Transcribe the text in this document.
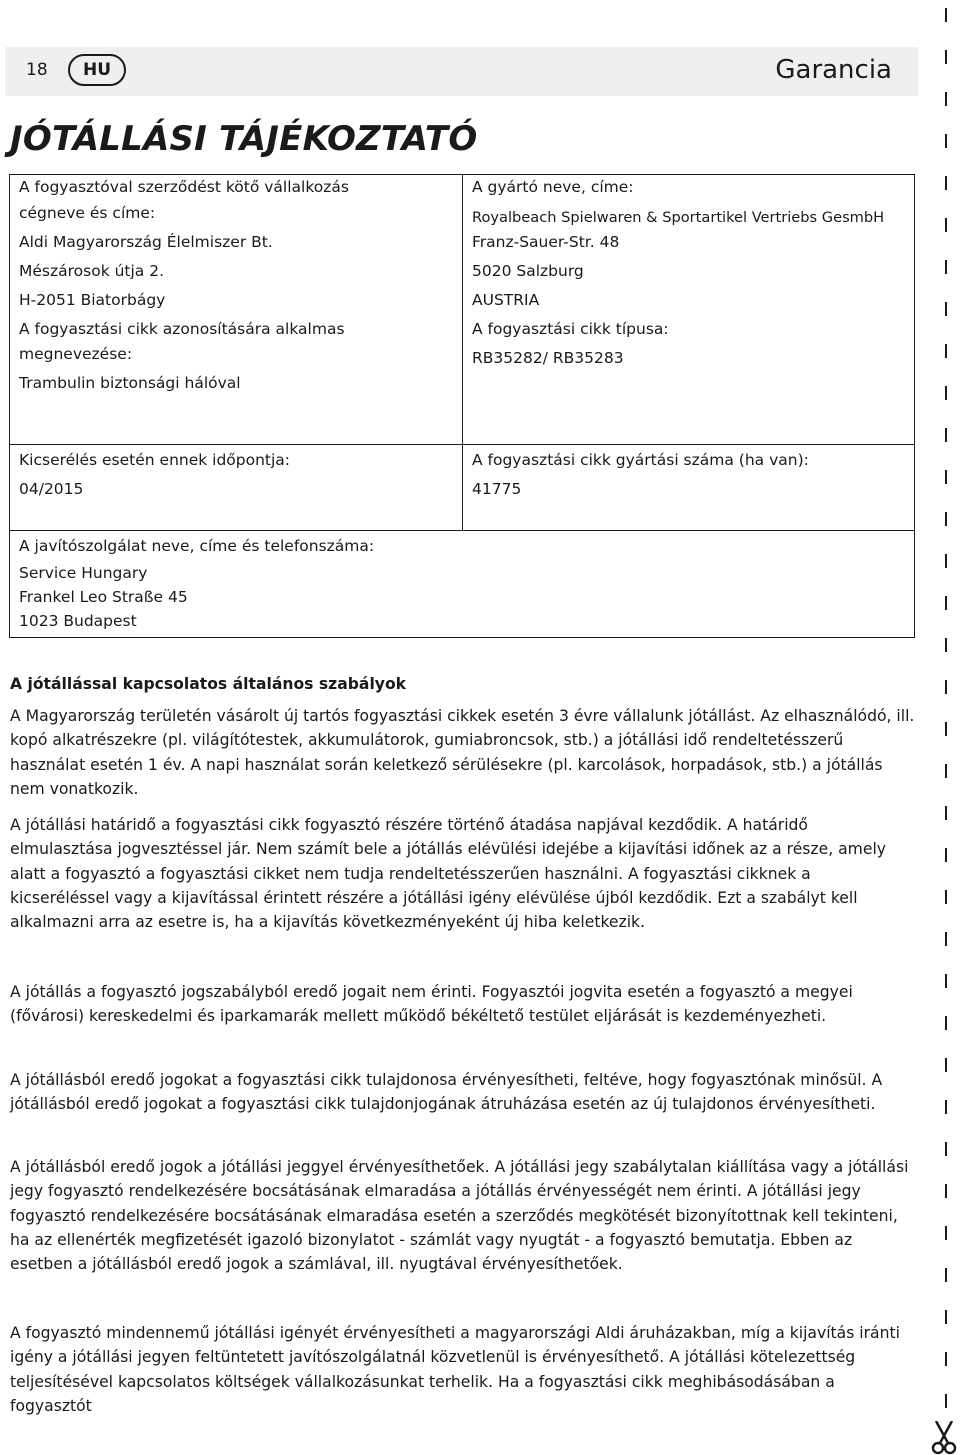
18	HU	Garancia
JÓTÁLLÁSI TÁJÉKOZTATÓ
A fogyasztóval szerződést kötő vállalkozás
cégneve és címe:
Aldi Magyarország Élelmiszer Bt.
Mészárosok útja 2.
H-2051 Biatorbágy
A fogyasztási cikk azonosítására alkalmas
megnevezése:
Trambulin biztonsági hálóval
A gyártó neve, címe:
Royalbeach Spielwaren & Sportartikel Vertriebs GesmbH
Franz-Sauer-Str. 48
5020 Salzburg
AUSTRIA
A fogyasztási cikk típusa:
RB35282/ RB35283
Kicserélés esetén ennek időpontja:
04/2015
A fogyasztási cikk gyártási száma (ha van):
41775
A javítószolgálat neve, címe és telefonszáma:
Service Hungary
Frankel Leo Straße 45
1023 Budapest
A jótállással kapcsolatos általános szabályok

A Magyarország területén vásárolt új tartós fogyasztási cikkek esetén 3 évre vállalunk jótállást. Az elhasználódó, ill. kopó alkatrészekre (pl. világítótestek, akkumulátorok, gumiabroncsok, stb.) a jótállási idő rendeltetésszerű használat esetén 1 év. A napi használat során keletkező sérülésekre (pl. karcolások, horpadások, stb.) a jótállás nem vonatkozik.

A jótállási határidő a fogyasztási cikk fogyasztó részére történő átadása napjával kezdődik. A határidő elmulasztása jogvesztéssel jár. Nem számít bele a jótállás elévülési idejébe a kijavítási időnek az a része, amely alatt a fogyasztó a fogyasztási cikket nem tudja rendeltetésszerűen használni. A fogyasztási cikknek a kicseréléssel vagy a kijavítással érintett részére a jótállási igény elévülése újból kezdődik. Ezt a szabályt kell alkalmazni arra az esetre is, ha a kijavítás következményeként új hiba keletkezik.

A jótállás a fogyasztó jogszabályból eredő jogait nem érinti. Fogyasztói jogvita esetén a fogyasztó a megyei (fővárosi) kereskedelmi és iparkamarák mellett működő békéltető testület eljárását is kezdeményezheti.

A jótállásból eredő jogokat a fogyasztási cikk tulajdonosa érvényesítheti, feltéve, hogy fogyasztónak minősül. A jótállásból eredő jogokat a fogyasztási cikk tulajdonjogának átruházása esetén az új tulajdonos érvényesítheti.

A jótállásból eredő jogok a jótállási jeggyel érvényesíthetőek. A jótállási jegy szabálytalan kiállítása vagy a jótállási jegy fogyasztó rendelkezésére bocsátásának elmaradása a jótállás érvényességét nem érinti. A jótállási jegy fogyasztó rendelkezésére bocsátásának elmaradása esetén a szerződés megkötését bizonyítottnak kell tekinteni, ha az ellenérték megfizetését igazoló bizonylatot - számlát vagy nyugtát - a fogyasztó bemutatja. Ebben az esetben a jótállásból eredő jogok a számlával, ill. nyugtával érvényesíthetőek.

A fogyasztó mindennemű jótállási igényét érvényesítheti a magyarországi Aldi áruházakban, míg a kijavítás iránti igény a jótállási jegyen feltüntetett javítószolgálatnál közvetlenül is érvényesíthető. A jótállási kötelezettség teljesítésével kapcsolatos költségek vállalkozásunkat terhelik. Ha a fogyasztási cikk meghibásodásában a fogyasztót
